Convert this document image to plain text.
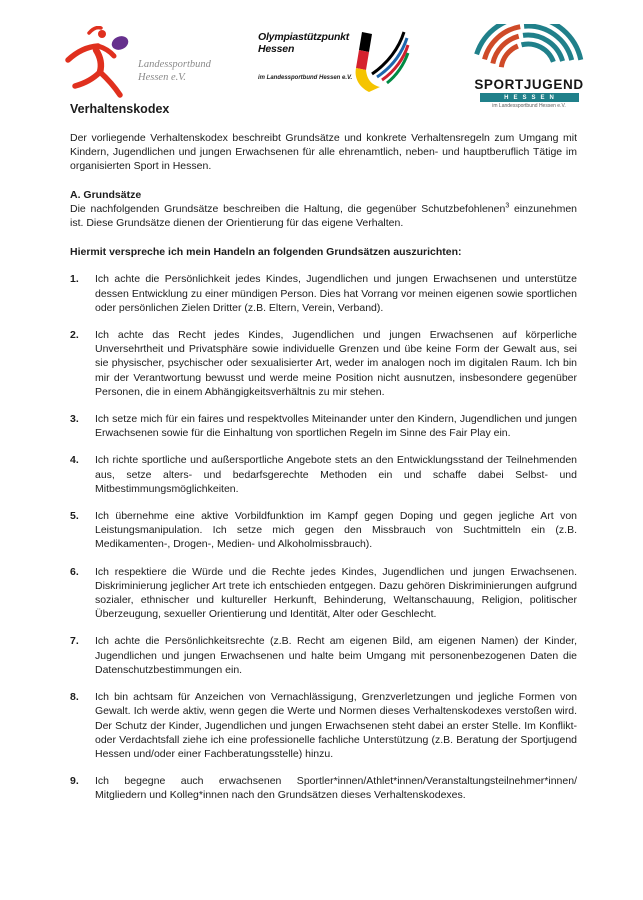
Landessportbund
Hessen e.V.
Olympiastützpunkt
Hessen
im Landessportbund Hessen e.V.	SPORTJUGEND
HESSEN
im Landessportbund Hessen e.V.
Verhaltenskodex

Der vorliegende Verhaltenskodex beschreibt Grundsätze und konkrete Verhaltensregeln zum Umgang mit Kindern, Jugendlichen und jungen Erwachsenen für alle ehrenamtlich, neben- und hauptberuflich Tätige im organisierten Sport in Hessen.

A. Grundsätze

Die nachfolgenden Grundsätze beschreiben die Haltung, die gegenüber Schutzbefohlenen$^3$ einzunehmen ist. Diese Grundsätze dienen der Orientierung für das eigene Verhalten.

Hiermit verspreche ich mein Handeln an folgenden Grundsätzen auszurichten:
1.	Ich achte die Persönlichkeit jedes Kindes, Jugendlichen und jungen Erwachsenen und unterstütze dessen Entwicklung zu einer mündigen Person. Dies hat Vorrang vor meinen eigenen sowie sportlichen oder persönlichen Zielen Dritter (z.B. Eltern, Verein, Verband).
2.	Ich achte das Recht jedes Kindes, Jugendlichen und jungen Erwachsenen auf körperliche Unversehrtheit und Privatsphäre sowie individuelle Grenzen und übe keine Form der Gewalt aus, sei sie physischer, psychischer oder sexualisierter Art, weder im analogen noch im digitalen Raum. Ich bin mir der Verantwortung bewusst und werde meine Position nicht ausnutzen, insbesondere gegenüber Personen, die in einem Abhängigkeitsverhältnis zu mir stehen.
3.	Ich setze mich für ein faires und respektvolles Miteinander unter den Kindern, Jugendlichen und jungen Erwachsenen sowie für die Einhaltung von sportlichen Regeln im Sinne des Fair Play ein.
4.	Ich richte sportliche und außersportliche Angebote stets an den Entwicklungsstand der Teilnehmenden aus, setze alters- und bedarfsgerechte Methoden ein und schaffe dabei Selbst- und Mitbestimmungsmöglichkeiten.
5.	Ich übernehme eine aktive Vorbildfunktion im Kampf gegen Doping und gegen jegliche Art von Leistungsmanipulation. Ich setze mich gegen den Missbrauch von Suchtmitteln ein (z.B. Medikamenten-, Drogen-, Medien- und Alkoholmissbrauch).
6.	Ich respektiere die Würde und die Rechte jedes Kindes, Jugendlichen und jungen Erwachsenen. Diskriminierung jeglicher Art trete ich entschieden entgegen. Dazu gehören Diskriminierungen aufgrund sozialer, ethnischer und kultureller Herkunft, Behinderung, Weltanschauung, Religion, politischer Überzeugung, sexueller Orientierung und Identität, Alter oder Geschlecht.
7.	Ich achte die Persönlichkeitsrechte (z.B. Recht am eigenen Bild, am eigenen Namen) der Kinder, Jugendlichen und jungen Erwachsenen und halte beim Umgang mit personenbezogenen Daten die Datenschutzbestimmungen ein.
8.	Ich bin achtsam für Anzeichen von Vernachlässigung, Grenzverletzungen und jegliche Formen von Gewalt. Ich werde aktiv, wenn gegen die Werte und Normen dieses Verhaltenskodexes verstoßen wird. Der Schutz der Kinder, Jugendlichen und jungen Erwachsenen steht dabei an erster Stelle. Im Konflikt- oder Verdachtsfall ziehe ich eine professionelle fachliche Unterstützung (z.B. Beratung der Sportjugend Hessen und/oder einer Fachberatungsstelle) hinzu.
9.	Ich begegne auch erwachsenen Sportler*innen/Athlet*innen/Veranstaltungsteilnehmer*innen/ Mitgliedern und Kolleg*innen nach den Grundsätzen dieses Verhaltenskodexes.
